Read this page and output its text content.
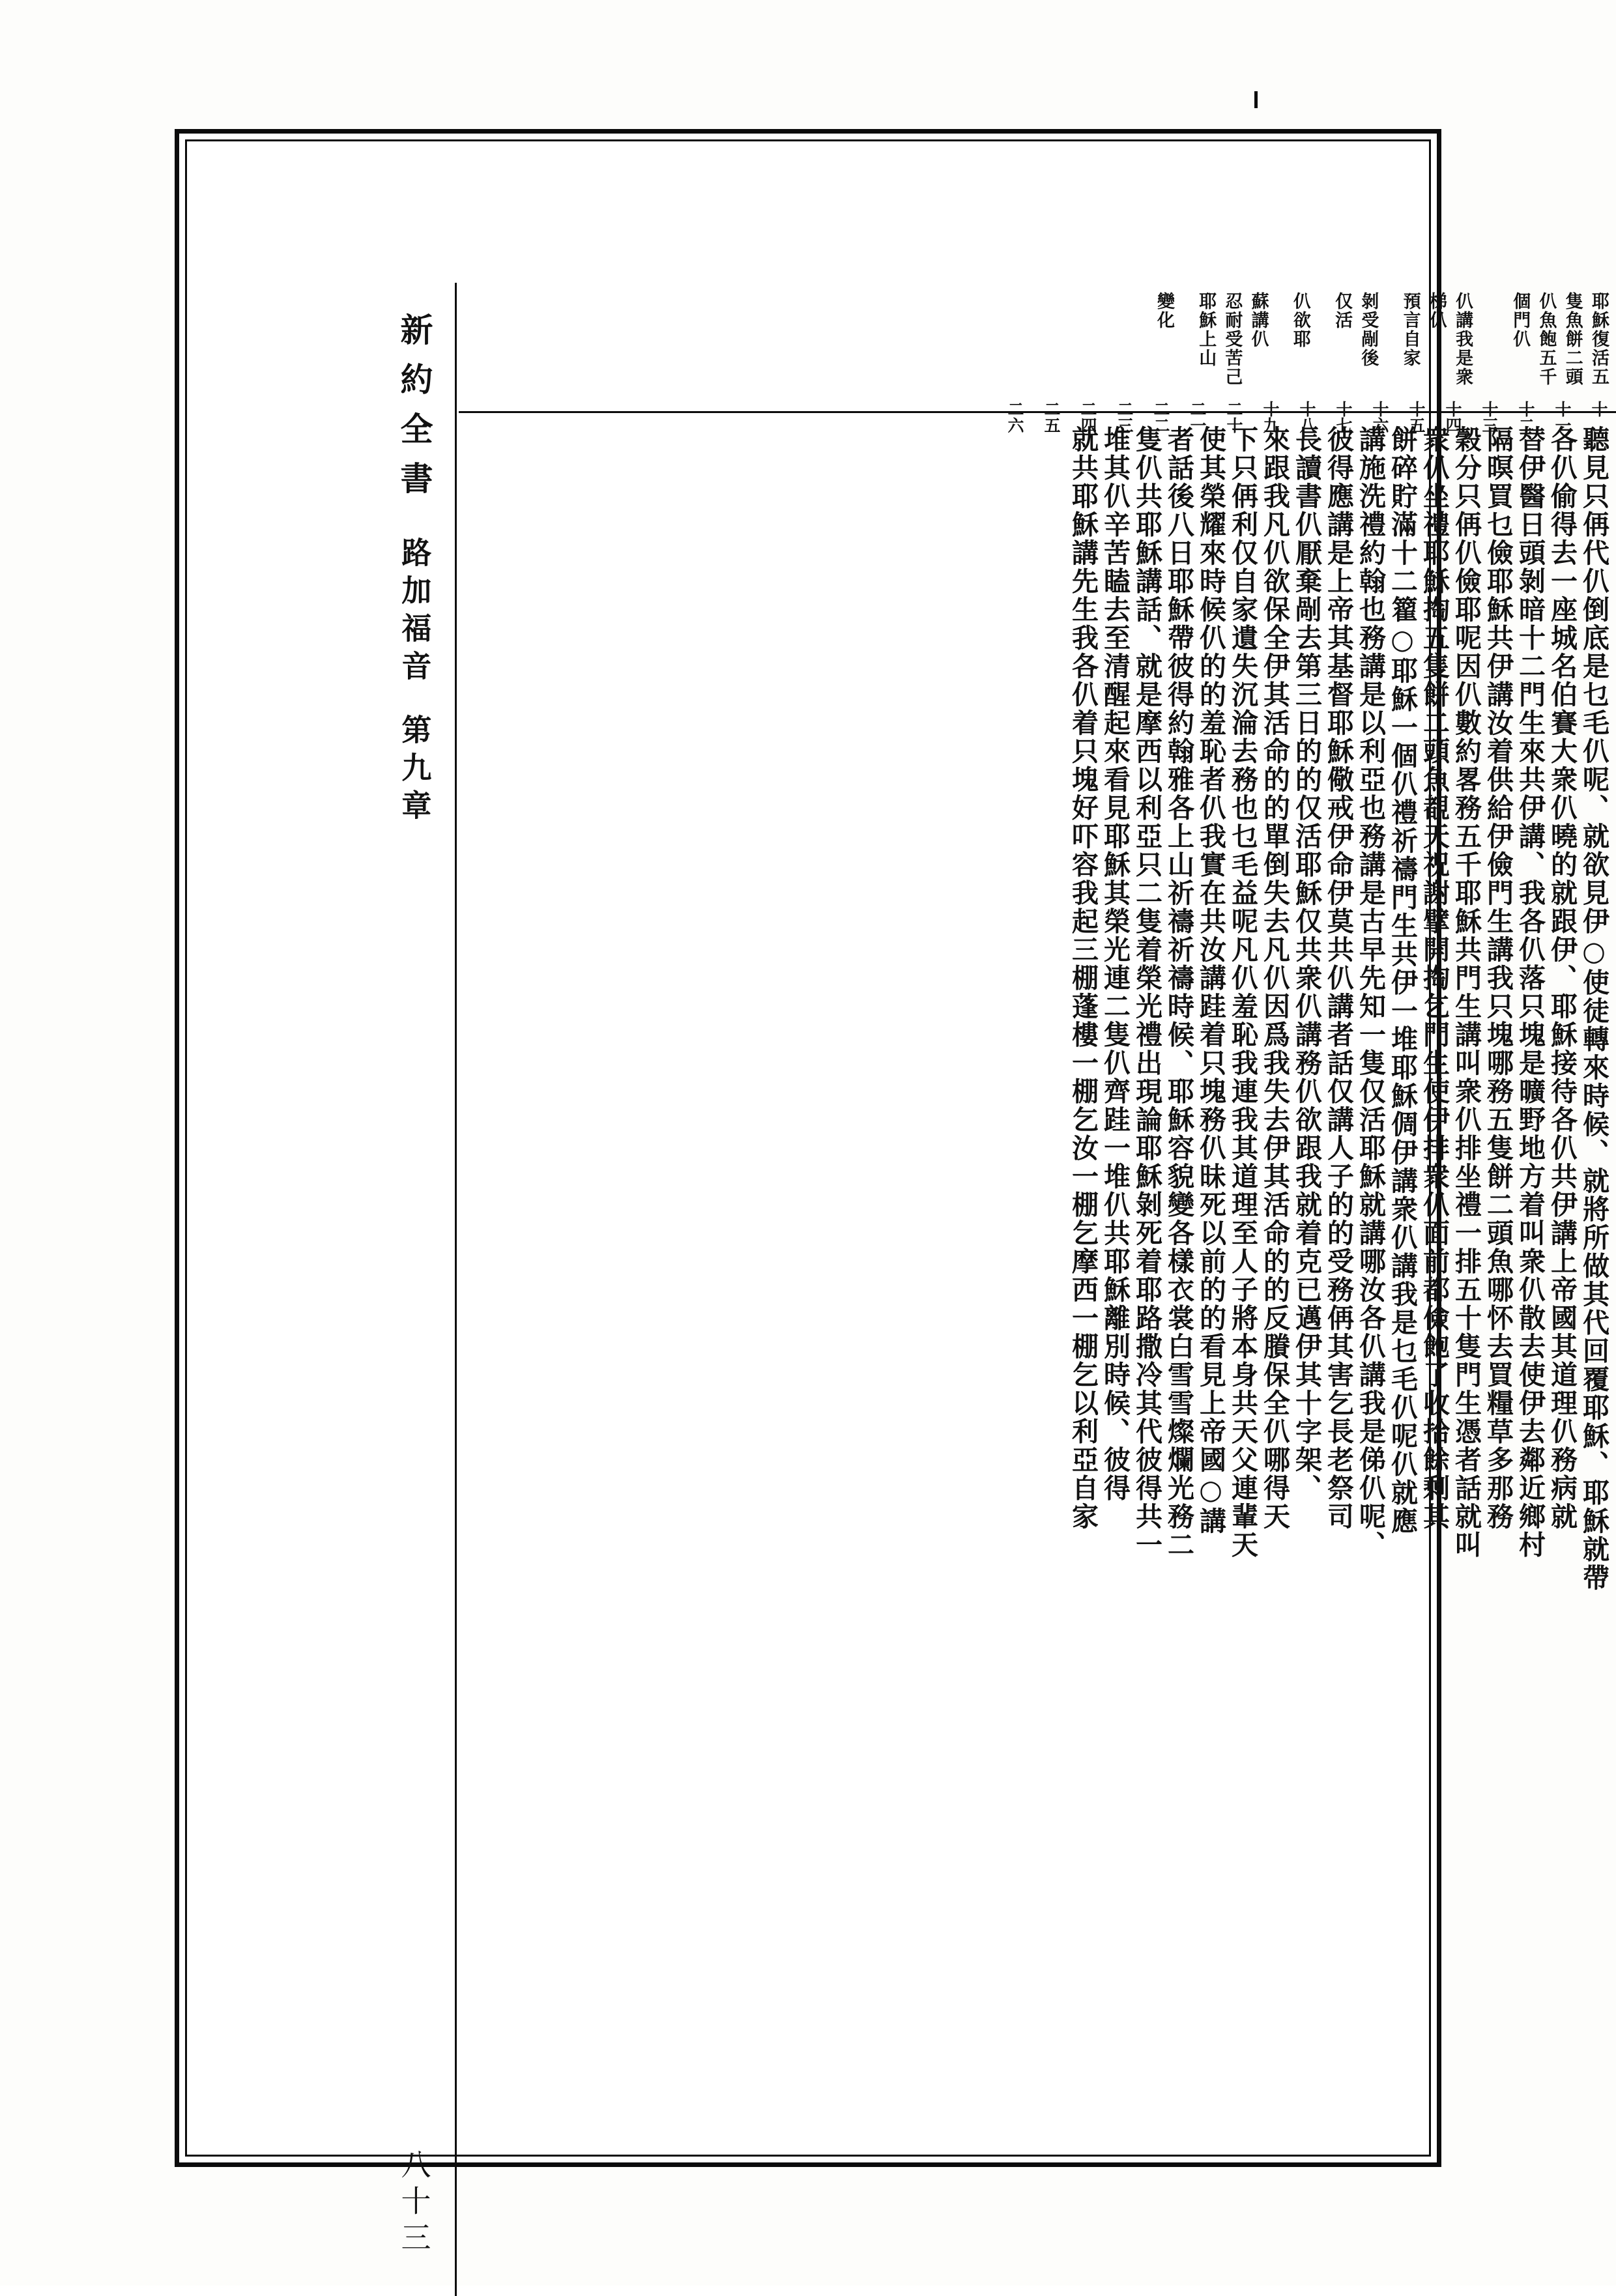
新約全書
路加福音
第九章
八十三
耶穌復活五
隻魚餅二頭
仈魚飽五千
個門仈
仈講我是衆
梯仈
預言自家
剝受剮後
仅活
仈欲耶
蘇講仈
忍耐受苦己
耶穌上山
變化
十
十一
十二
十三
十四
十五
十六
十七
十八
十九
二十
二一
二二
二三
二四
二五
二六
聽見只侢代仈倒底是乜毛仈呢、就欲見伊○使徒轉來時候、就將所做其代回覆耶穌、耶穌就帶
各仈偷得去一座城名伯賽大衆仈曉的就跟伊、耶穌接待各仈共伊講上帝國其道理仈務病就
替伊醫日頭剝暗十二門生來共伊講、我各仈落只塊是曠野地方着叫衆仈散去使伊去鄰近鄉村
隔暝買乜儉耶穌共伊講汝着供給伊儉門生講我只塊哪務五隻餅二頭魚哪怀去買糧草多那務
穀分只侢仈儉耶呢因仈數約畧務五千耶穌共門生講叫衆仈排坐禮一排五十隻門生憑者話就叫
衆仈坐禮耶穌掏五隻餅二頭魚覩天祝謝擘開掏乞門生使伊排衆仈面前都儉飽了收拾餘剩其
餅碎貯滿十二籊○耶穌一個仈禮祈禱門生共伊一堆耶穌倜伊講衆仈講我是乜毛仈呢仈就應
講施洗禮約翰也務講是以利亞也務講是古早先知一隻仅活耶穌就講哪汝各仈講我是俤仈呢、
彼得應講是上帝其基督耶穌儆戒伊命伊莫共仈講者話仅講人子的的受務侢其害乞長老祭司
長讀書仈厭棄剮去第三日的的仅活耶穌仅共衆仈講務仈欲跟我就着克已邁伊其十字架、
來跟我凡仈欲保全伊其活命的的單倒失去凡仈因爲我失去伊其活命的的反賸保全仈哪得天
下只侢利仅自家遺失沉淪去務也乜毛益呢凡仈羞恥我連我其道理至人子將本身共天父連輩天
使其榮耀來時候仈的的羞恥者仈我實在共汝講跬着只塊務仈昧死以前的的看見上帝國○講
者話後八日耶穌帶彼得約翰雅各上山祈禱祈禱時候、耶穌容貌變各樣衣裳白雪雪燦爛光務二
隻仈共耶穌講話、就是摩西以利亞只二隻着榮光禮出現論耶穌剝死着耶路撒冷其代彼得共一
堆其仈辛苦瞌去至清醒起來看見耶穌其榮光連二隻仈齊跬一堆仈共耶穌離別時候、彼得
就共耶穌講先生我各仈着只塊好吓容我起三棚蓬樓一棚乞汝一棚乞摩西一棚乞以利亞自家
